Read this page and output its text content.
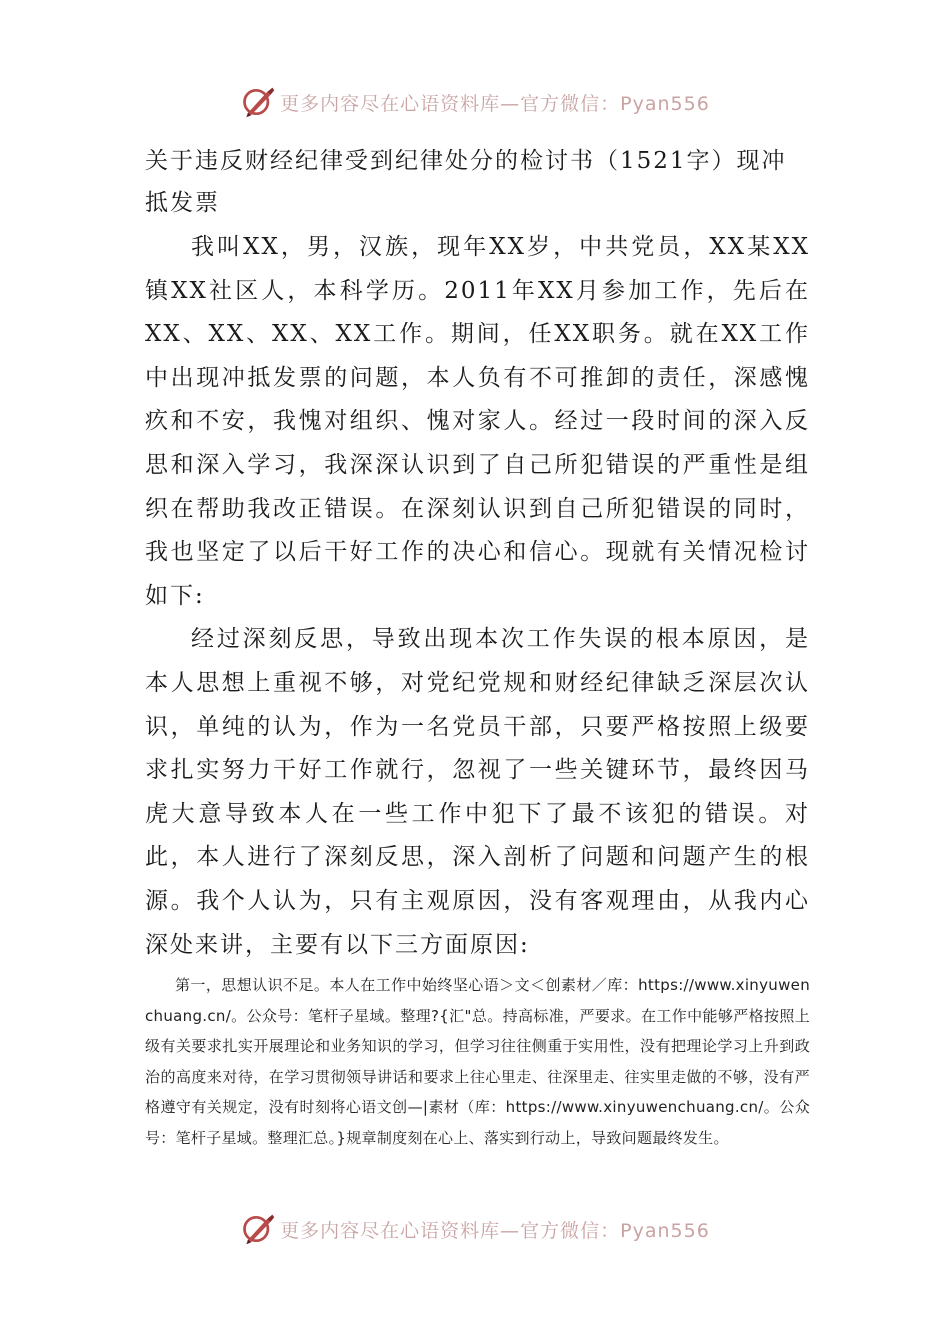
更多内容尽在心语资料库—官方微信：Pyan556
关于违反财经纪律受到纪律处分的检讨书（1521字）现冲抵发票

我叫XX，男，汉族，现年XX岁，中共党员，XX某XX镇XX社区人，本科学历。2011年XX月参加工作，先后在XX、XX、XX、XX工作。期间，任XX职务。就在XX工作中出现冲抵发票的问题，本人负有不可推卸的责任，深感愧疚和不安，我愧对组织、愧对家人。经过一段时间的深入反思和深入学习，我深深认识到了自己所犯错误的严重性是组织在帮助我改正错误。在深刻认识到自己所犯错误的同时，我也坚定了以后干好工作的决心和信心。现就有关情况检讨如下:

经过深刻反思，导致出现本次工作失误的根本原因，是本人思想上重视不够，对党纪党规和财经纪律缺乏深层次认识，单纯的认为，作为一名党员干部，只要严格按照上级要求扎实努力干好工作就行，忽视了一些关键环节，最终因马虎大意导致本人在一些工作中犯下了最不该犯的错误。对此，本人进行了深刻反思，深入剖析了问题和问题产生的根源。我个人认为，只有主观原因，没有客观理由，从我内心深处来讲，主要有以下三方面原因:

第一，思想认识不足。本人在工作中始终坚心语＞文＜创素材／库：https://www.xinyuwenchuang.cn/。公众号：笔杆子星域。整理?{汇"总。持高标准，严要求。在工作中能够严格按照上级有关要求扎实开展理论和业务知识的学习，但学习往往侧重于实用性，没有把理论学习上升到政治的高度来对待，在学习贯彻领导讲话和要求上往心里走、往深里走、往实里走做的不够，没有严格遵守有关规定，没有时刻将心语文创—|素材（库：https://www.xinyuwenchuang.cn/。公众号：笔杆子星域。整理汇总。}规章制度刻在心上、落实到行动上，导致问题最终发生。

更多内容尽在心语资料库—官方微信：Pyan556
